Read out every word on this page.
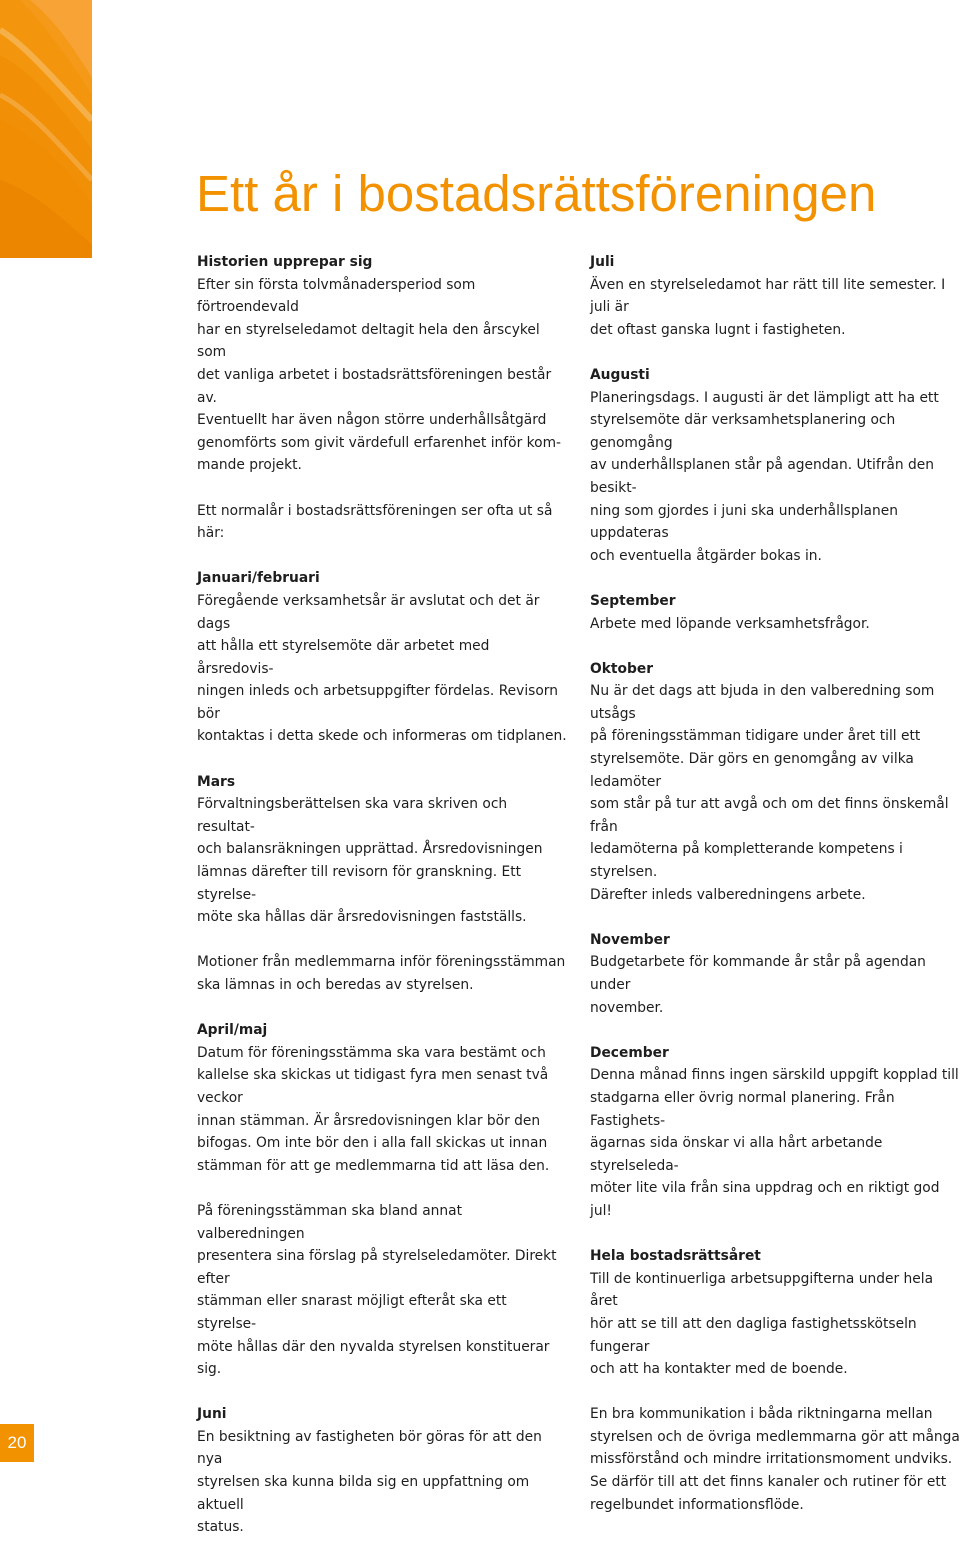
Ett år i bostadsrättsföreningen
Historien upprepar sig
Efter sin första tolvmånadersperiod som förtroendevald
har en styrelseledamot deltagit hela den årscykel som
det vanliga arbetet i bostadsrättsföreningen består av.
Eventuellt har även någon större underhållsåtgärd
genomförts som givit värdefull erfarenhet inför kom-
mande projekt.
Ett normalår i bostadsrättsföreningen ser ofta ut så här:
Januari/februari
Föregående verksamhetsår är avslutat och det är dags
att hålla ett styrelsemöte där arbetet med årsredovis-
ningen inleds och arbetsuppgifter fördelas. Revisorn bör
kontaktas i detta skede och informeras om tidplanen.
Mars
Förvaltningsberättelsen ska vara skriven och resultat-
och balansräkningen upprättad. Årsredovisningen
lämnas därefter till revisorn för granskning. Ett styrelse-
möte ska hållas där årsredovisningen fastställs.
Motioner från medlemmarna inför föreningsstämman
ska lämnas in och beredas av styrelsen.
April/maj
Datum för föreningsstämma ska vara bestämt och
kallelse ska skickas ut tidigast fyra men senast två veckor
innan stämman. Är årsredovisningen klar bör den
bifogas. Om inte bör den i alla fall skickas ut innan
stämman för att ge medlemmarna tid att läsa den.
På föreningsstämman ska bland annat valberedningen
presentera sina förslag på styrelseledamöter. Direkt efter
stämman eller snarast möjligt efteråt ska ett styrelse-
möte hållas där den nyvalda styrelsen konstituerar sig.
Juni
En besiktning av fastigheten bör göras för att den nya
styrelsen ska kunna bilda sig en uppfattning om aktuell
status.
Juli
Även en styrelseledamot har rätt till lite semester. I juli är
det oftast ganska lugnt i fastigheten.
Augusti
Planeringsdags. I augusti är det lämpligt att ha ett
styrelsemöte där verksamhetsplanering och genomgång
av underhållsplanen står på agendan. Utifrån den besikt-
ning som gjordes i juni ska underhållsplanen uppdateras
och eventuella åtgärder bokas in.
September
Arbete med löpande verksamhetsfrågor.
Oktober
Nu är det dags att bjuda in den valberedning som utsågs
på föreningsstämman tidigare under året till ett
styrelsemöte. Där görs en genomgång av vilka ledamöter
som står på tur att avgå och om det finns önskemål från
ledamöterna på kompletterande kompetens i styrelsen.
Därefter inleds valberedningens arbete.
November
Budgetarbete för kommande år står på agendan under
november.
December
Denna månad finns ingen särskild uppgift kopplad till
stadgarna eller övrig normal planering. Från Fastighets-
ägarnas sida önskar vi alla hårt arbetande styrelseleda-
möter lite vila från sina uppdrag och en riktigt god jul!
Hela bostadsrättsåret
Till de kontinuerliga arbetsuppgifterna under hela året
hör att se till att den dagliga fastighetsskötseln fungerar
och att ha kontakter med de boende.
En bra kommunikation i båda riktningarna mellan
styrelsen och de övriga medlemmarna gör att många
missförstånd och mindre irritationsmoment undviks.
Se därför till att det finns kanaler och rutiner för ett
regelbundet informationsflöde.
20
